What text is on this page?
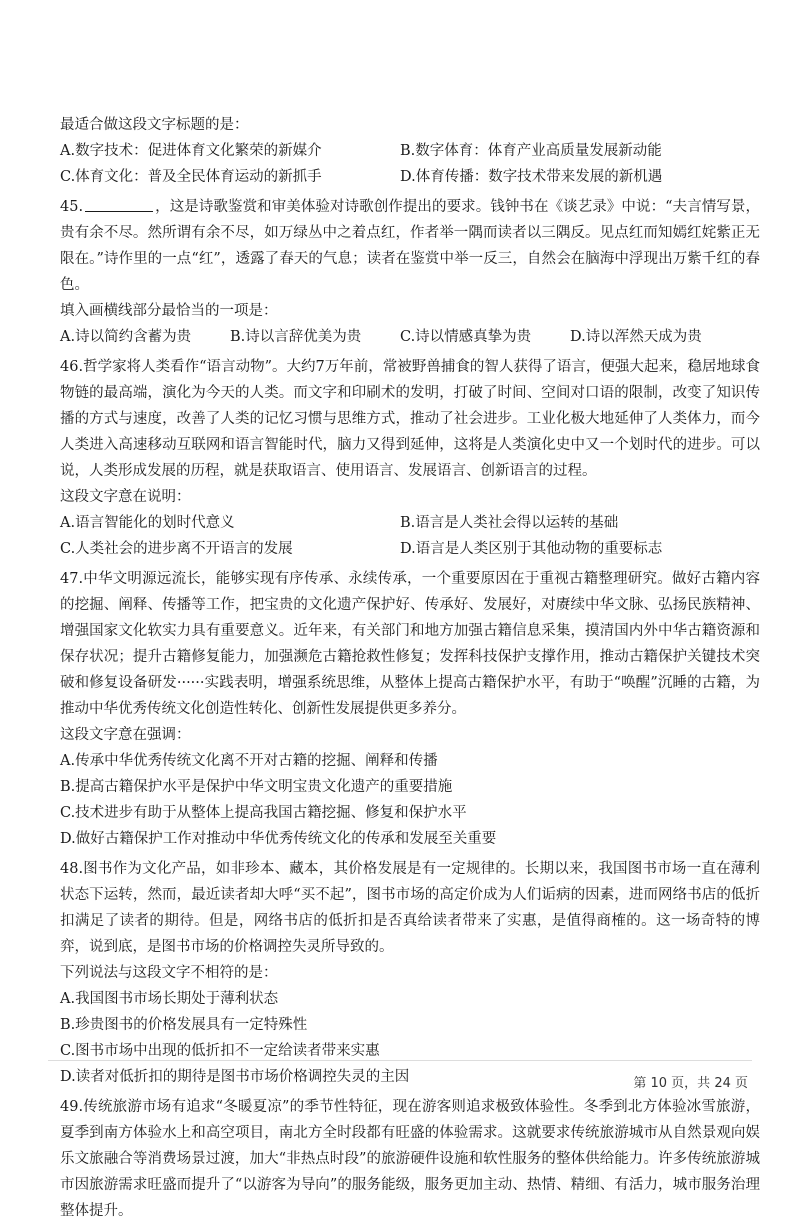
最适合做这段文字标题的是：
A.数字技术：促进体育文化繁荣的新媒介	B.数字体育：体育产业高质量发展新动能
C.体育文化：普及全民体育运动的新抓手	D.体育传播：数字技术带来发展的新机遇
45.	，这是诗歌鉴赏和审美体验对诗歌创作提出的要求。钱钟书在《谈艺录》中说：“夫言情写景，贵有余不尽。然所谓有余不尽，如万绿丛中之着点红，作者举一隅而读者以三隅反。见点红而知嫣红姹紫正无限在。”诗作里的一点“红”，透露了春天的气息；读者在鉴赏中举一反三，自然会在脑海中浮现出万紫千红的春色。
填入画横线部分最恰当的一项是：
A.诗以简约含蓄为贵	B.诗以言辞优美为贵	C.诗以情感真挚为贵	D.诗以浑然天成为贵
46.哲学家将人类看作“语言动物”。大约7万年前，常被野兽捕食的智人获得了语言，便强大起来，稳居地球食物链的最高端，演化为今天的人类。而文字和印刷术的发明，打破了时间、空间对口语的限制，改变了知识传播的方式与速度，改善了人类的记忆习惯与思维方式，推动了社会进步。工业化极大地延伸了人类体力，而今人类进入高速移动互联网和语言智能时代，脑力又得到延伸，这将是人类演化史中又一个划时代的进步。可以说，人类形成发展的历程，就是获取语言、使用语言、发展语言、创新语言的过程。
这段文字意在说明：
A.语言智能化的划时代意义	B.语言是人类社会得以运转的基础
C.人类社会的进步离不开语言的发展	D.语言是人类区别于其他动物的重要标志
47.中华文明源远流长，能够实现有序传承、永续传承，一个重要原因在于重视古籍整理研究。做好古籍内容的挖掘、阐释、传播等工作，把宝贵的文化遗产保护好、传承好、发展好，对赓续中华文脉、弘扬民族精神、增强国家文化软实力具有重要意义。近年来，有关部门和地方加强古籍信息采集，摸清国内外中华古籍资源和保存状况；提升古籍修复能力，加强濒危古籍抢救性修复；发挥科技保护支撑作用，推动古籍保护关键技术突破和修复设备研发······实践表明，增强系统思维，从整体上提高古籍保护水平，有助于“唤醒”沉睡的古籍，为推动中华优秀传统文化创造性转化、创新性发展提供更多养分。
这段文字意在强调：
A.传承中华优秀传统文化离不开对古籍的挖掘、阐释和传播
B.提高古籍保护水平是保护中华文明宝贵文化遗产的重要措施
C.技术进步有助于从整体上提高我国古籍挖掘、修复和保护水平
D.做好古籍保护工作对推动中华优秀传统文化的传承和发展至关重要
48.图书作为文化产品，如非珍本、藏本，其价格发展是有一定规律的。长期以来，我国图书市场一直在薄利状态下运转，然而，最近读者却大呼“买不起”，图书市场的高定价成为人们诟病的因素，进而网络书店的低折扣满足了读者的期待。但是，网络书店的低折扣是否真给读者带来了实惠，是值得商榷的。这一场奇特的博弈，说到底，是图书市场的价格调控失灵所导致的。
下列说法与这段文字不相符的是：
A.我国图书市场长期处于薄利状态
B.珍贵图书的价格发展具有一定特殊性
C.图书市场中出现的低折扣不一定给读者带来实惠
D.读者对低折扣的期待是图书市场价格调控失灵的主因
49.传统旅游市场有追求“冬暖夏凉”的季节性特征，现在游客则追求极致体验性。冬季到北方体验冰雪旅游，夏季到南方体验水上和高空项目，南北方全时段都有旺盛的体验需求。这就要求传统旅游城市从自然景观向娱乐文旅融合等消费场景过渡，加大“非热点时段”的旅游硬件设施和软性服务的整体供给能力。许多传统旅游城市因旅游需求旺盛而提升了“以游客为导向”的服务能级，服务更加主动、热情、精细、有活力，城市服务治理整体提升。
第 10 页，共 24 页
